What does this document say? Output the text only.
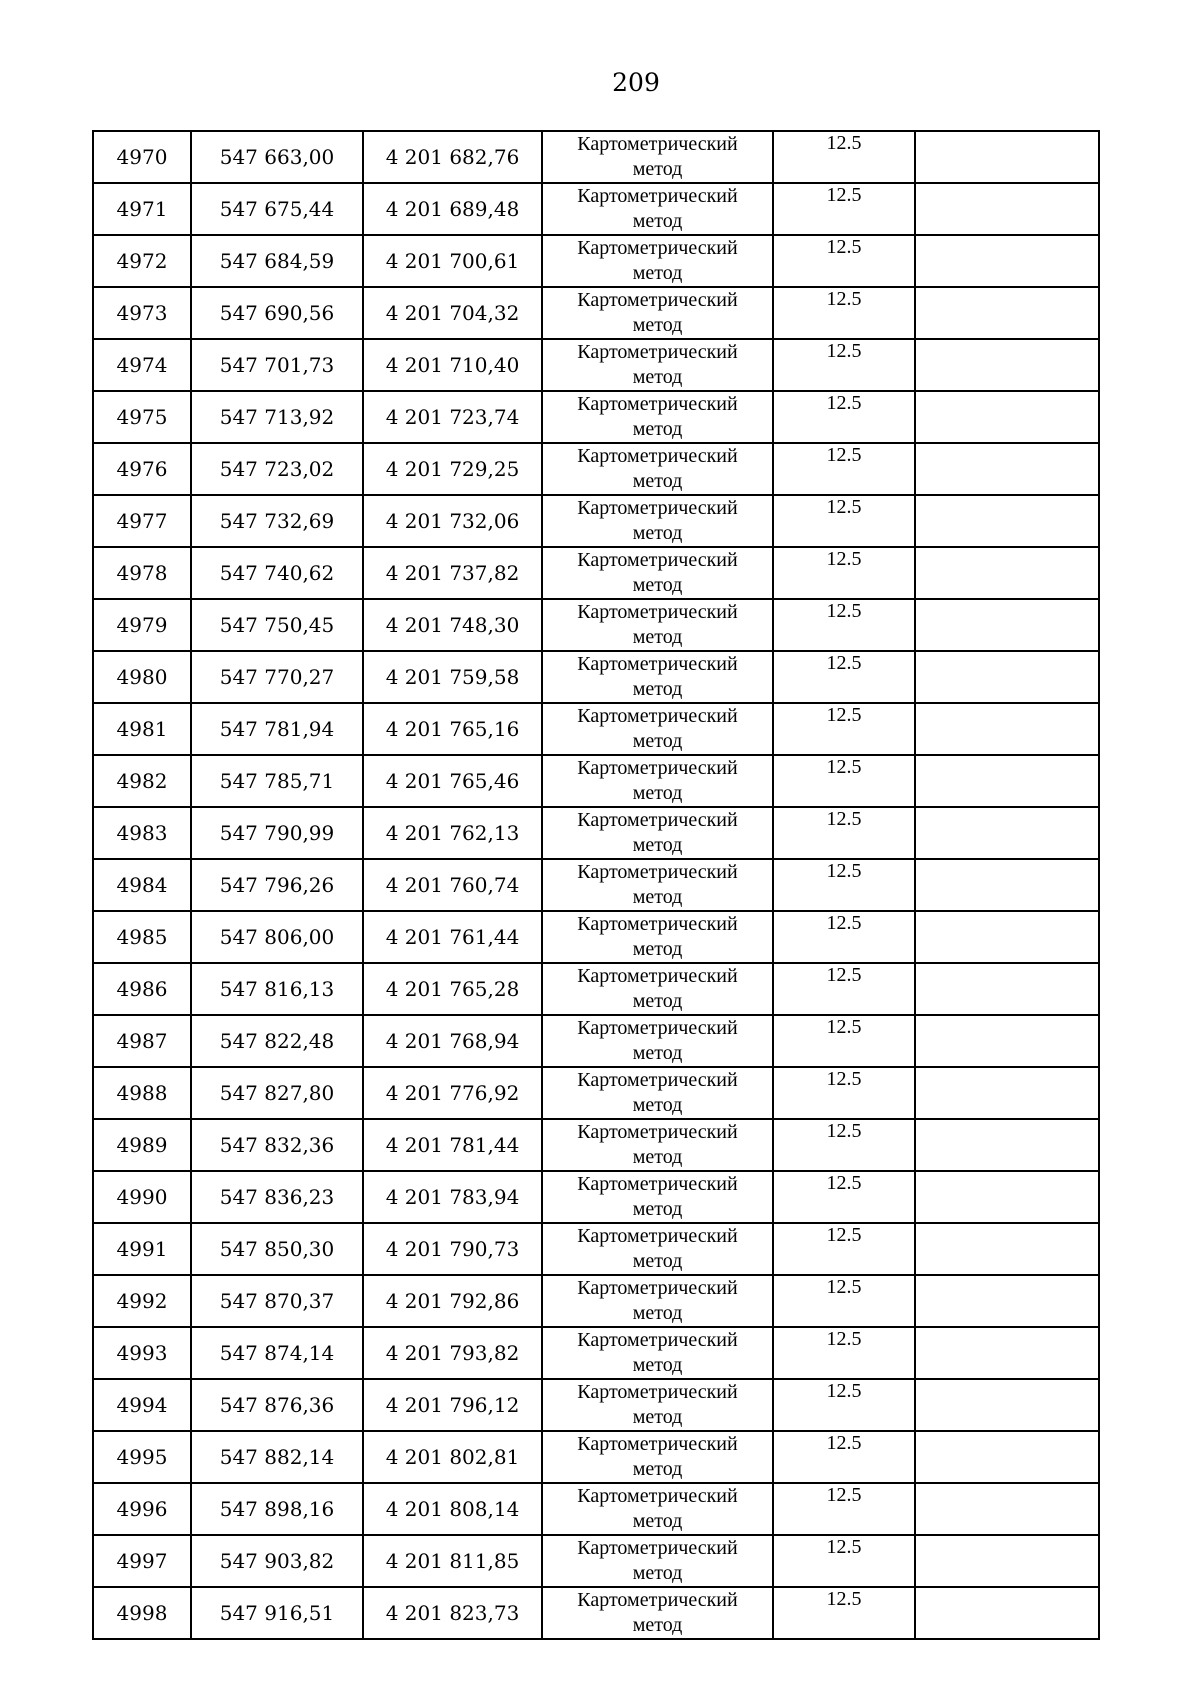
209
4970	547 663,00	4 201 682,76	Картометрический
метод	12.5	
4971	547 675,44	4 201 689,48	Картометрический
метод	12.5	
4972	547 684,59	4 201 700,61	Картометрический
метод	12.5	
4973	547 690,56	4 201 704,32	Картометрический
метод	12.5	
4974	547 701,73	4 201 710,40	Картометрический
метод	12.5	
4975	547 713,92	4 201 723,74	Картометрический
метод	12.5	
4976	547 723,02	4 201 729,25	Картометрический
метод	12.5	
4977	547 732,69	4 201 732,06	Картометрический
метод	12.5	
4978	547 740,62	4 201 737,82	Картометрический
метод	12.5	
4979	547 750,45	4 201 748,30	Картометрический
метод	12.5	
4980	547 770,27	4 201 759,58	Картометрический
метод	12.5	
4981	547 781,94	4 201 765,16	Картометрический
метод	12.5	
4982	547 785,71	4 201 765,46	Картометрический
метод	12.5	
4983	547 790,99	4 201 762,13	Картометрический
метод	12.5	
4984	547 796,26	4 201 760,74	Картометрический
метод	12.5	
4985	547 806,00	4 201 761,44	Картометрический
метод	12.5	
4986	547 816,13	4 201 765,28	Картометрический
метод	12.5	
4987	547 822,48	4 201 768,94	Картометрический
метод	12.5	
4988	547 827,80	4 201 776,92	Картометрический
метод	12.5	
4989	547 832,36	4 201 781,44	Картометрический
метод	12.5	
4990	547 836,23	4 201 783,94	Картометрический
метод	12.5	
4991	547 850,30	4 201 790,73	Картометрический
метод	12.5	
4992	547 870,37	4 201 792,86	Картометрический
метод	12.5	
4993	547 874,14	4 201 793,82	Картометрический
метод	12.5	
4994	547 876,36	4 201 796,12	Картометрический
метод	12.5	
4995	547 882,14	4 201 802,81	Картометрический
метод	12.5	
4996	547 898,16	4 201 808,14	Картометрический
метод	12.5	
4997	547 903,82	4 201 811,85	Картометрический
метод	12.5	
4998	547 916,51	4 201 823,73	Картометрический
метод	12.5	
